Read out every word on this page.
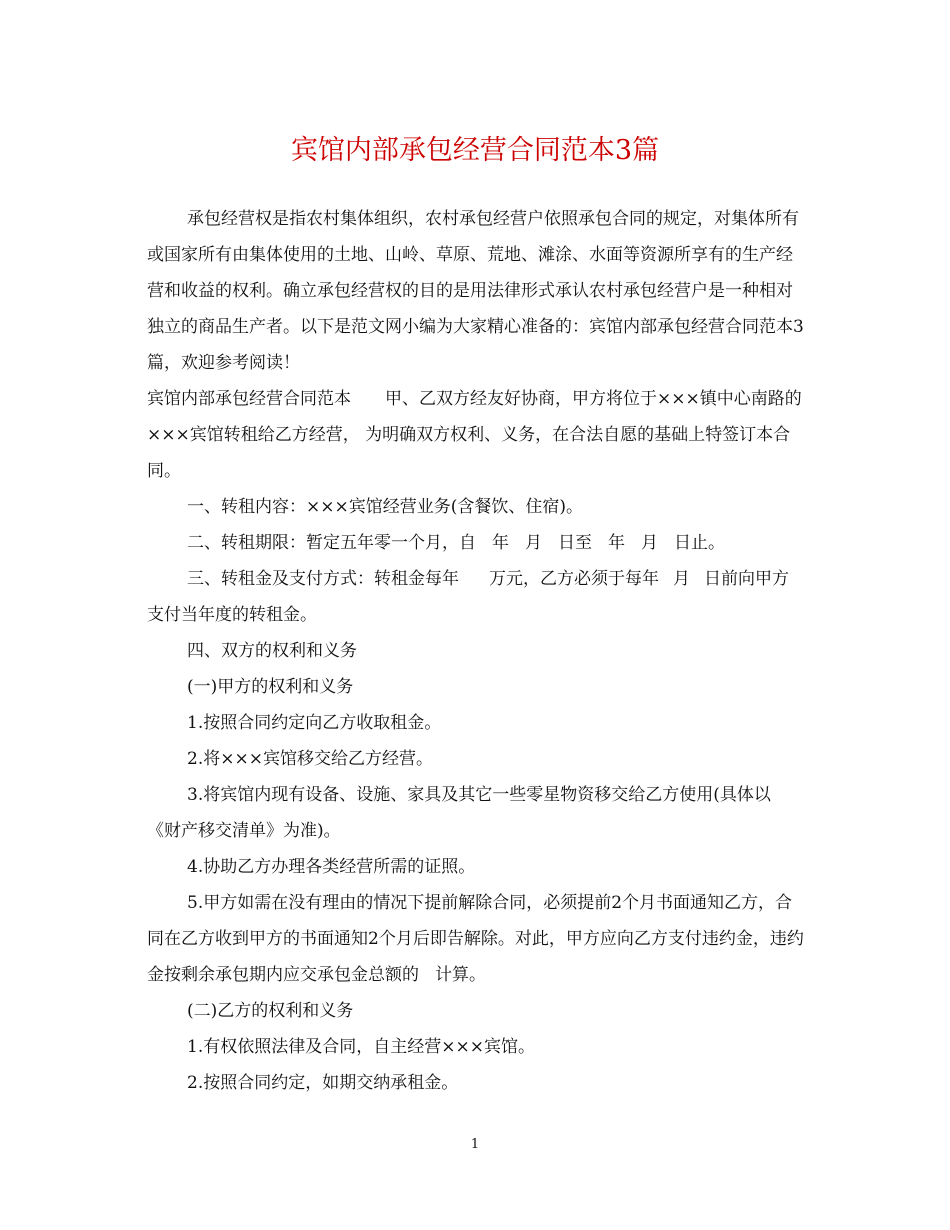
宾馆内部承包经营合同范本3篇

承包经营权是指农村集体组织，农村承包经营户依照承包合同的规定，对集体所有或国家所有由集体使用的土地、山岭、草原、荒地、滩涂、水面等资源所享有的生产经营和收益的权利。确立承包经营权的目的是用法律形式承认农村承包经营户是一种相对独立的商品生产者。以下是范文网小编为大家精心准备的：宾馆内部承包经营合同范本3篇，欢迎参考阅读！

宾馆内部承包经营合同范本 甲、乙双方经友好协商，甲方将位于×××镇中心南路的×××宾馆转租给乙方经营， 为明确双方权利、义务，在合法自愿的基础上特签订本合同。

一、转租内容：×××宾馆经营业务(含餐饮、住宿)。

二、转租期限：暂定五年零一个月，自 年 月 日至 年 月 日止。

三、转租金及支付方式：转租金每年 万元，乙方必须于每年 月 日前向甲方支付当年度的转租金。

四、双方的权利和义务

(一)甲方的权利和义务

1.按照合同约定向乙方收取租金。

2.将×××宾馆移交给乙方经营。

3.将宾馆内现有设备、设施、家具及其它一些零星物资移交给乙方使用(具体以《财产移交清单》为准)。

4.协助乙方办理各类经营所需的证照。

5.甲方如需在没有理由的情况下提前解除合同，必须提前2个月书面通知乙方，合同在乙方收到甲方的书面通知2个月后即告解除。对此，甲方应向乙方支付违约金，违约金按剩余承包期内应交承包金总额的 计算。

(二)乙方的权利和义务

1.有权依照法律及合同，自主经营×××宾馆。

2.按照合同约定，如期交纳承租金。

1
